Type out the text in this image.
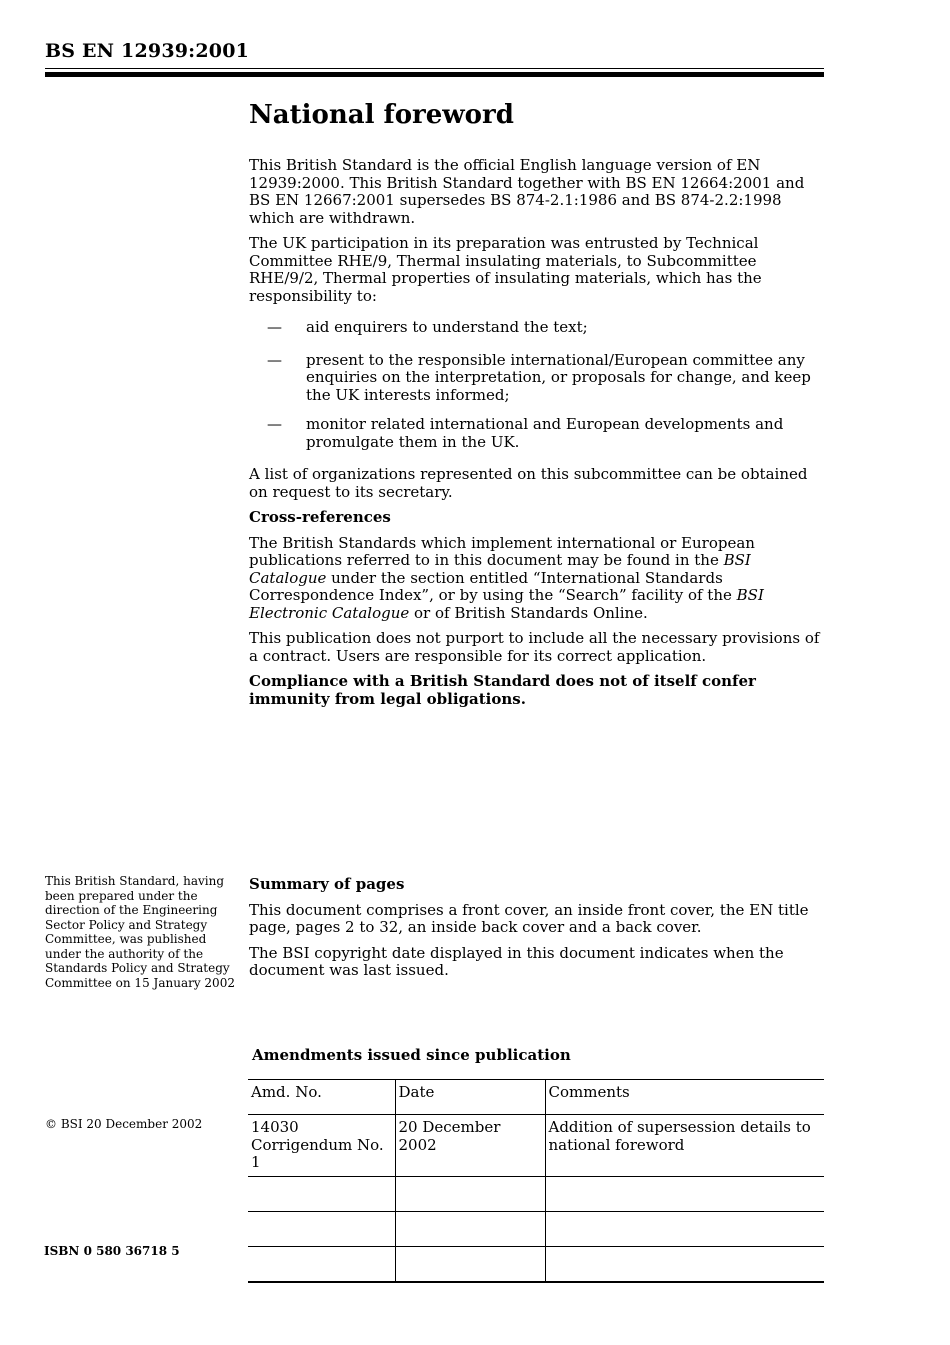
BS EN 12939:2001
National foreword

This British Standard is the official English language version of EN 12939:2000. This British Standard together with BS EN 12664:2001 and BS EN 12667:2001 supersedes BS 874-2.1:1986 and BS 874-2.2:1998 which are withdrawn.

The UK participation in its preparation was entrusted by Technical Committee RHE/9, Thermal insulating materials, to Subcommittee RHE/9/2, Thermal properties of insulating materials, which has the responsibility to:

— aid enquirers to understand the text;
— present to the responsible international/European committee any enquiries on the interpretation, or proposals for change, and keep the UK interests informed;
— monitor related international and European developments and promulgate them in the UK.

A list of organizations represented on this subcommittee can be obtained on request to its secretary.

Cross-references

The British Standards which implement international or European publications referred to in this document may be found in the BSI Catalogue under the section entitled “International Standards Correspondence Index”, or by using the “Search” facility of the BSI Electronic Catalogue or of British Standards Online.

This publication does not purport to include all the necessary provisions of a contract. Users are responsible for its correct application.

Compliance with a British Standard does not of itself confer immunity from legal obligations.

This British Standard, having been prepared under the direction of the Engineering Sector Policy and Strategy Committee, was published under the authority of the Standards Policy and Strategy Committee on 15 January 2002

Summary of pages

This document comprises a front cover, an inside front cover, the EN title page, pages 2 to 32, an inside back cover and a back cover.

The BSI copyright date displayed in this document indicates when the document was last issued.

Amendments issued since publication
Amd. No.	Date	Comments

14030
Corrigendum No. 1	20 December 2002	Addition of supersession details to national foreword

© BSI 20 December 2002
ISBN 0 580 36718 5
